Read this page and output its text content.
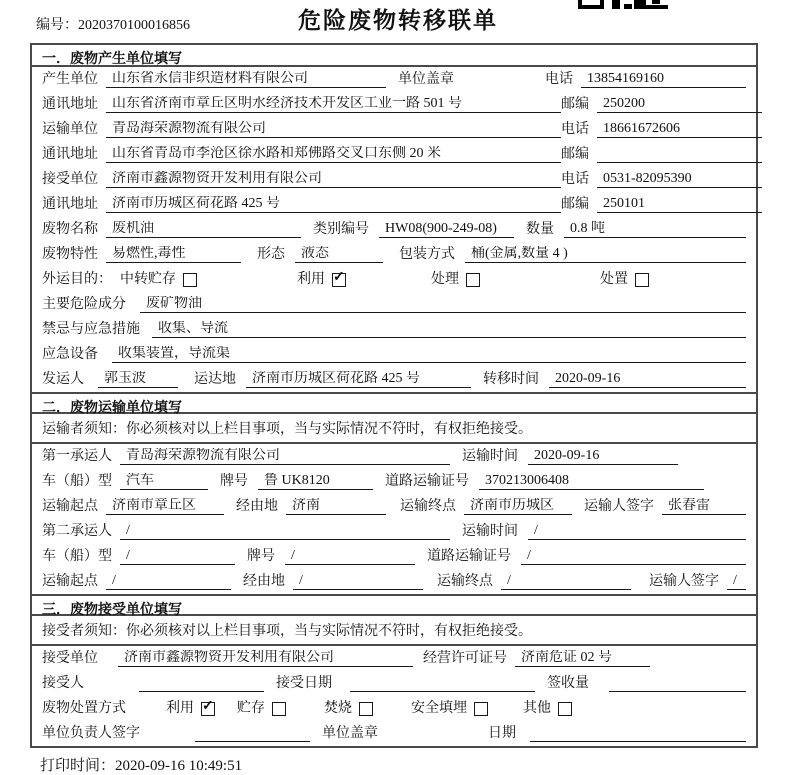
编号：2020370100016856	危险废物转移联单
一．废物产生单位填写
产生单位	山东省永信非织造材料有限公司	单位盖章	电话	13854169160
通讯地址	山东省济南市章丘区明水经济技术开发区工业一路 501 号	邮编	250200
运输单位	青岛海荣源物流有限公司	电话	18661672606
通讯地址	山东省青岛市李沧区徐水路和郑佛路交叉口东侧 20 米	邮编
接受单位	济南市鑫源物资开发利用有限公司	电话	0531-82095390
通讯地址	济南市历城区荷花路 425 号	邮编	250101
废物名称	废机油	类别编号	HW08(900-249-08)	数量	0.8 吨
废物特性	易燃性,毒性	形态	液态	包装方式	桶(金属,数量 4 )
外运目的： 中转贮存	利用 ✓	处理	处置
主要危险成分	废矿物油
禁忌与应急措施	收集、导流
应急设备	收集装置，导流渠
发运人	郭玉波	运达地	济南市历城区荷花路 425 号	转移时间	2020-09-16
二．废物运输单位填写
运输者须知：你必须核对以上栏目事项，当与实际情况不符时，有权拒绝接受。
第一承运人	青岛海荣源物流有限公司	运输时间	2020-09-16
车（船）型	汽车	牌号	鲁 UK8120	道路运输证号	370213006408
运输起点	济南市章丘区	经由地	济南	运输终点	济南市历城区	运输人签字	张春雷
第二承运人	/	运输时间	/
车（船）型	/	牌号	/	道路运输证号	/
运输起点	/	经由地	/	运输终点	/	运输人签字	/
三．废物接受单位填写
接受者须知：你必须核对以上栏目事项，当与实际情况不符时，有权拒绝接受。
接受单位	济南市鑫源物资开发利用有限公司	经营许可证号	济南危证 02 号
接受人	接受日期	签收量
废物处置方式	利用 ✓	贮存	焚烧	安全填埋	其他
单位负责人签字	单位盖章	日期
打印时间：2020-09-16 10:49:51
